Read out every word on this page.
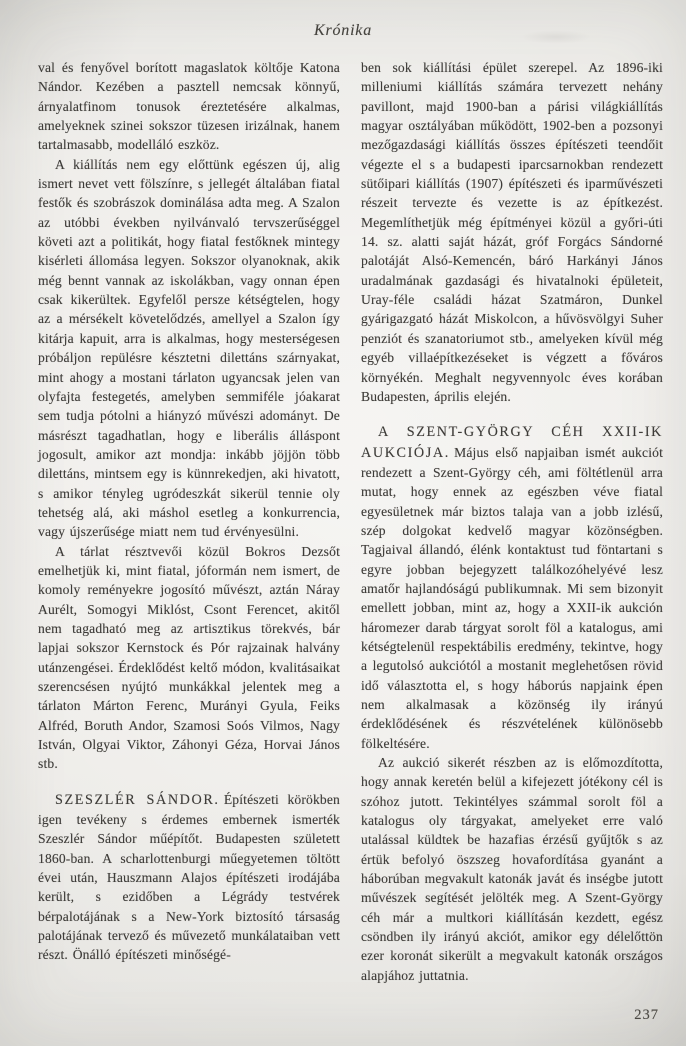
Krónika

val és fenyővel borított magaslatok költője Katona Nándor. Kezében a pasztell nemcsak könnyű, árnyalatfinom tonusok éreztetésére alkalmas, amelyeknek szinei sokszor tüzesen irizálnak, hanem tartalmasabb, modelláló eszköz.

A kiállítás nem egy előttünk egészen új, alig ismert nevet vett fölszínre, s jellegét általában fiatal festők és szobrászok dominálása adta meg. A Szalon az utóbbi években nyilvánvaló tervszerűséggel követi azt a politikát, hogy fiatal festőknek mintegy kisérleti állomása legyen. Sokszor olyanoknak, akik még bennt vannak az iskolákban, vagy onnan épen csak kikerültek. Egyfelől persze kétségtelen, hogy az a mérsékelt követelődzés, amellyel a Szalon így kitárja kapuit, arra is alkalmas, hogy mesterségesen próbáljon repülésre késztetni dilettáns szárnyakat, mint ahogy a mostani tárlaton ugyancsak jelen van olyfajta festegetés, amelyben semmiféle jóakarat sem tudja pótolni a hiányzó művészi adományt. De másrészt tagadhatlan, hogy e liberális álláspont jogosult, amikor azt mondja: inkább jöjjön több dilettáns, mintsem egy is künnrekedjen, aki hivatott, s amikor tényleg ugródeszkát sikerül tennie oly tehetség alá, aki máshol esetleg a konkurrencia, vagy újszerűsége miatt nem tud érvényesülni.

A tárlat résztvevői közül Bokros Dezsőt emelhetjük ki, mint fiatal, jóformán nem ismert, de komoly reményekre jogosító művészt, aztán Náray Aurélt, Somogyi Miklóst, Csont Ferencet, akitől nem tagadható meg az artisztikus törekvés, bár lapjai sokszor Kernstock és Pór rajzainak halvány utánzengései. Érdeklődést keltő módon, kvalitásaikat szerencsésen nyújtó munkákkal jelentek meg a tárlaton Márton Ferenc, Murányi Gyula, Feiks Alfréd, Boruth Andor, Szamosi Soós Vilmos, Nagy István, Olgyai Viktor, Záhonyi Géza, Horvai János stb.

SZESZLÉR SÁNDOR. Építészeti körökben igen tevékeny s érdemes embernek ismerték Szeszlér Sándor műépítőt. Budapesten született 1860-ban. A scharlottenburgi műegyetemen töltött évei után, Hauszmann Alajos építészeti irodájába került, s ezidőben a Légrády testvérek bérpalotájának s a New-York biztosító társaság palotájának tervező és művezető munkálataiban vett részt. Önálló építészeti minőségé-

ben sok kiállítási épület szerepel. Az 1896-iki milleniumi kiállítás számára tervezett nehány pavillont, majd 1900-ban a párisi világkiállítás magyar osztályában működött, 1902-ben a pozsonyi mezőgazdasági kiállítás összes építészeti teendőit végezte el s a budapesti iparcsarnokban rendezett sütőipari kiállítás (1907) építészeti és iparművészeti részeit tervezte és vezette is az építkezést. Megemlíthetjük még építményei közül a győri-úti 14. sz. alatti saját házát, gróf Forgács Sándorné palotáját Alsó-Kemencén, báró Harkányi János uradalmának gazdasági és hivatalnoki épületeit, Uray-féle családi házat Szatmáron, Dunkel gyárigazgató házát Miskolcon, a hűvösvölgyi Suher penziót és szanatoriumot stb., amelyeken kívül még egyéb villaépítkezéseket is végzett a főváros környékén. Meghalt negyvennyolc éves korában Budapesten, április elején.

A SZENT-GYÖRGY CÉH XXII-IK AUKCIÓJA. Május első napjaiban ismét aukciót rendezett a Szent-György céh, ami föltétlenül arra mutat, hogy ennek az egészben véve fiatal egyesületnek már biztos talaja van a jobb izlésű, szép dolgokat kedvelő magyar közönségben. Tagjaival állandó, élénk kontaktust tud föntartani s egyre jobban bejegyzett találkozóhelyévé lesz amatőr hajlandóságú publikumnak. Mi sem bizonyit emellett jobban, mint az, hogy a XXII-ik aukción háromezer darab tárgyat sorolt föl a katalogus, ami kétségtelenül respektábilis eredmény, tekintve, hogy a legutolsó aukciótól a mostanit meglehetősen rövid idő választotta el, s hogy háborús napjaink épen nem alkalmasak a közönség ily irányú érdeklődésének és részvételének különösebb fölkeltésére.

Az aukció sikerét részben az is előmozdította, hogy annak keretén belül a kifejezett jótékony cél is szóhoz jutott. Tekintélyes számmal sorolt föl a katalogus oly tárgyakat, amelyeket erre való utalással küldtek be hazafias érzésű gyűjtők s az értük befolyó öszszeg hovafordítása gyanánt a háborúban megvakult katonák javát és inségbe jutott művészek segítését jelölték meg. A Szent-György céh már a multkori kiállításán kezdett, egész csöndben ily irányú akciót, amikor egy délelőttön ezer koronát sikerült a megvakult katonák országos alapjához juttatnia.

237
